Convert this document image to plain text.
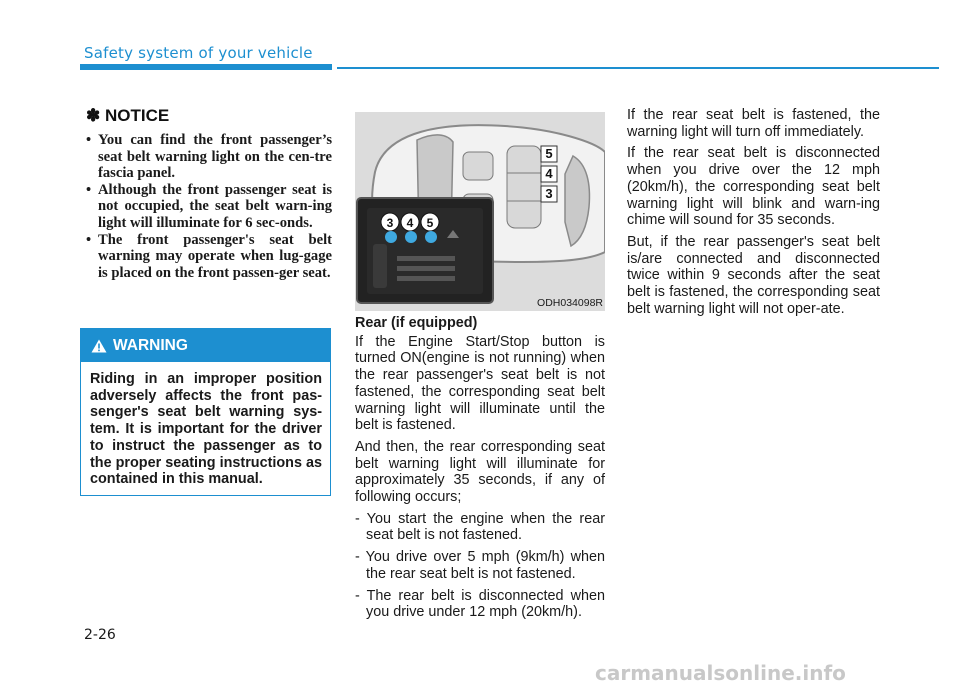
Safety system of your vehicle
✽ NOTICE
• You can find the front passenger’s seat belt warning light on the cen-tre fascia panel.
• Although the front passenger seat is not occupied, the seat belt warn-ing light will illuminate for 6 sec-onds.
• The front passenger's seat belt warning may operate when lug-gage is placed on the front passen-ger seat.
WARNING
Riding in an improper position adversely affects the front pas-senger's seat belt warning sys-tem. It is important for the driver to instruct the passenger as to the proper seating instructions as contained in this manual.
5
4
3
3 4 5
ODH034098R

Rear (if equipped)

If the Engine Start/Stop button is turned ON(engine is not running) when the rear passenger's seat belt is not fastened, the corresponding seat belt warning light will illuminate until the belt is fastened.

And then, the rear corresponding seat belt warning light will illuminate for approximately 35 seconds, if any of following occurs;

- You start the engine when the rear seat belt is not fastened.

- You drive over 5 mph (9km/h) when the rear seat belt is not fastened.

- The rear belt is disconnected when you drive under 12 mph (20km/h).

If the rear seat belt is fastened, the warning light will turn off immediately.

If the rear seat belt is disconnected when you drive over the 12 mph (20km/h), the corresponding seat belt warning light will blink and warn-ing chime will sound for 35 seconds.

But, if the rear passenger's seat belt is/are connected and disconnected twice within 9 seconds after the seat belt is fastened, the corresponding seat belt warning light will not oper-ate.

2-26
carmanualsonline.info
